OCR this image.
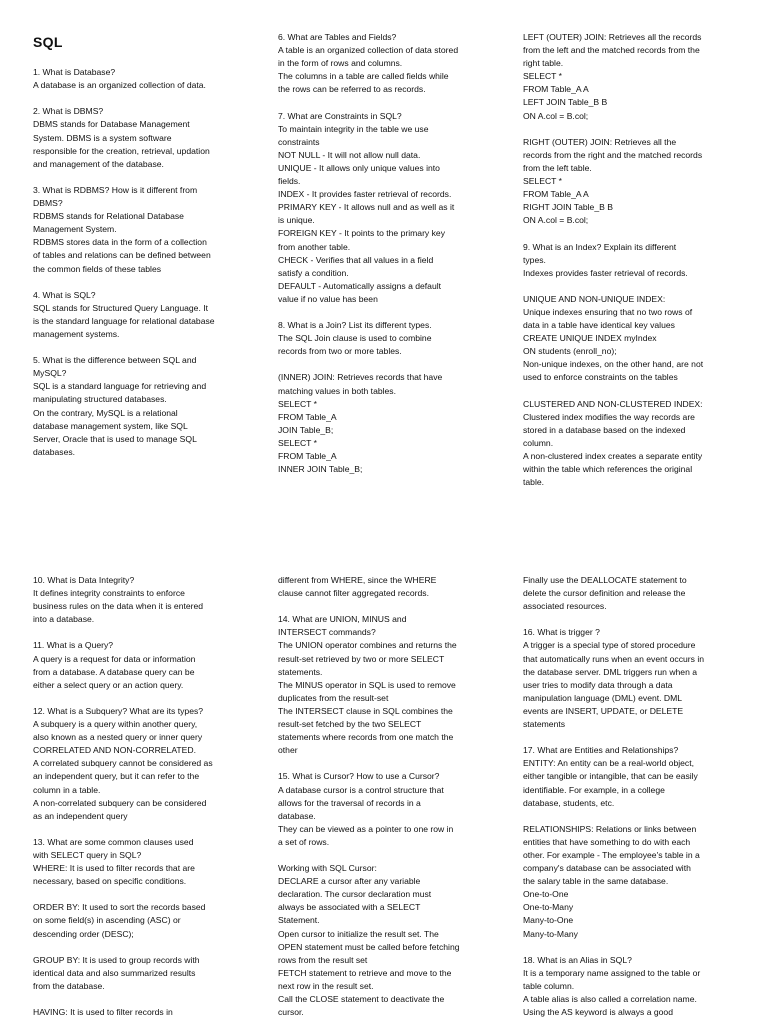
SQL

1. What is Database?
A database is an organized collection of data.

2. What is DBMS?
DBMS stands for Database Management
System. DBMS is a system software
responsible for the creation, retrieval, updation
and management of the database.

3. What is RDBMS? How is it different from
DBMS?
RDBMS stands for Relational Database
Management System.
RDBMS stores data in the form of a collection
of tables and relations can be defined between
the common fields of these tables

4. What is SQL?
SQL stands for Structured Query Language. It
is the standard language for relational database
management systems.

5. What is the difference between SQL and
MySQL?
SQL is a standard language for retrieving and
manipulating structured databases.
On the contrary, MySQL is a relational
database management system, like SQL
Server, Oracle that is used to manage SQL
databases.
6. What are Tables and Fields?
A table is an organized collection of data stored
in the form of rows and columns.
The columns in a table are called fields while
the rows can be referred to as records.

7. What are Constraints in SQL?
To maintain integrity in the table we use
constraints
NOT NULL - It will not allow null data.
UNIQUE - It allows only unique values into
fields.
INDEX - It provides faster retrieval of records.
PRIMARY KEY - It allows null and as well as it
is unique.
FOREIGN KEY - It points to the primary key
from another table.
CHECK - Verifies that all values in a field
satisfy a condition.
DEFAULT - Automatically assigns a default
value if no value has been

8. What is a Join? List its different types.
The SQL Join clause is used to combine
records from two or more tables.

(INNER) JOIN: Retrieves records that have
matching values in both tables.
SELECT *
FROM Table_A
JOIN Table_B;
SELECT *
FROM Table_A
INNER JOIN Table_B;
LEFT (OUTER) JOIN: Retrieves all the records
from the left and the matched records from the
right table.
SELECT *
FROM Table_A A
LEFT JOIN Table_B B
ON A.col = B.col;

RIGHT (OUTER) JOIN: Retrieves all the
records from the right and the matched records
from the left table.
SELECT *
FROM Table_A A
RIGHT JOIN Table_B B
ON A.col = B.col;

9. What is an Index? Explain its different
types.
Indexes provides faster retrieval of records.

UNIQUE AND NON-UNIQUE INDEX:
Unique indexes ensuring that no two rows of
data in a table have identical key values
CREATE UNIQUE INDEX myIndex
ON students (enroll_no);
Non-unique indexes, on the other hand, are not
used to enforce constraints on the tables

CLUSTERED AND NON-CLUSTERED INDEX:
Clustered index modifies the way records are
stored in a database based on the indexed
column.
A non-clustered index creates a separate entity
within the table which references the original
table.
10. What is Data Integrity?
It defines integrity constraints to enforce
business rules on the data when it is entered
into a database.

11. What is a Query?
A query is a request for data or information
from a database. A database query can be
either a select query or an action query.

12. What is a Subquery? What are its types?
A subquery is a query within another query,
also known as a nested query or inner query
CORRELATED AND NON-CORRELATED.
A correlated subquery cannot be considered as
an independent query, but it can refer to the
column in a table.
A non-correlated subquery can be considered
as an independent query

13. What are some common clauses used
with SELECT query in SQL?
WHERE: It is used to filter records that are
necessary, based on specific conditions.

ORDER BY: It used to sort the records based
on some field(s) in ascending (ASC) or
descending order (DESC);

GROUP BY: It is used to group records with
identical data and also summarized results
from the database.

HAVING: It is used to filter records in
different from WHERE, since the WHERE
clause cannot filter aggregated records.

14. What are UNION, MINUS and
INTERSECT commands?
The UNION operator combines and returns the
result-set retrieved by two or more SELECT
statements.
The MINUS operator in SQL is used to remove
duplicates from the result-set
The INTERSECT clause in SQL combines the
result-set fetched by the two SELECT
statements where records from one match the
other

15. What is Cursor? How to use a Cursor?
A database cursor is a control structure that
allows for the traversal of records in a
database.
They can be viewed as a pointer to one row in
a set of rows.

Working with SQL Cursor:
DECLARE a cursor after any variable
declaration. The cursor declaration must
always be associated with a SELECT
Statement.
Open cursor to initialize the result set. The
OPEN statement must be called before fetching
rows from the result set
FETCH statement to retrieve and move to the
next row in the result set.
Call the CLOSE statement to deactivate the
cursor.
Finally use the DEALLOCATE statement to
delete the cursor definition and release the
associated resources.

16. What is trigger ?
A trigger is a special type of stored procedure
that automatically runs when an event occurs in
the database server. DML triggers run when a
user tries to modify data through a data
manipulation language (DML) event. DML
events are INSERT, UPDATE, or DELETE
statements

17. What are Entities and Relationships?
ENTITY: An entity can be a real-world object,
either tangible or intangible, that can be easily
identifiable. For example, in a college
database, students, etc.

RELATIONSHIPS: Relations or links between
entities that have something to do with each
other. For example - The employee's table in a
company's database can be associated with
the salary table in the same database.
One-to-One
One-to-Many
Many-to-One
Many-to-Many

18. What is an Alias in SQL?
It is a temporary name assigned to the table or
table column.
A table alias is also called a correlation name.
Using the AS keyword is always a good
